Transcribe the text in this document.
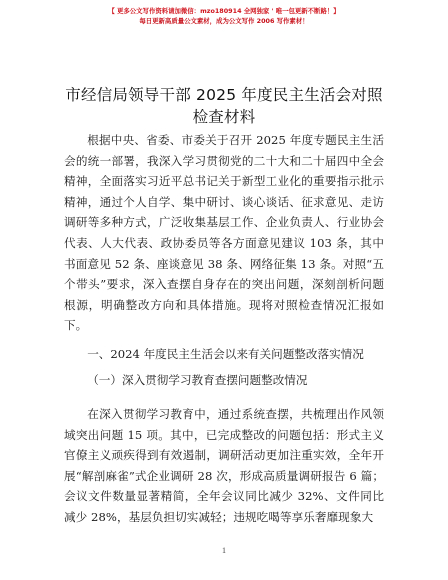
【 更多公文写作资料请加微信：mzo180914 全网独家 ' 唯一包更新不断路！】
每日更新高质量公文素材，成为公文写作 2006 写作素材！
市经信局领导干部 2025 年度民主生活会对照检查材料
根据中央、省委、市委关于召开 2025 年度专题民主生活会的统一部署，我深入学习贯彻党的二十大和二十届四中全会精神，全面落实习近平总书记关于新型工业化的重要指示批示精神，通过个人自学、集中研讨、谈心谈话、征求意见、走访调研等多种方式，广泛收集基层工作、企业负责人、行业协会代表、人大代表、政协委员等各方面意见建议 103 条，其中书面意见 52 条、座谈意见 38 条、网络征集 13 条。对照“五个带头”要求，深入查摆自身存在的突出问题，深刻剖析问题根源，明确整改方向和具体措施。现将对照检查情况汇报如下。
一、2024 年度民主生活会以来有关问题整改落实情况
（一）深入贯彻学习教育查摆问题整改情况
在深入贯彻学习教育中，通过系统查摆，共梳理出作风领域突出问题 15 项。其中，已完成整改的问题包括：形式主义官僚主义顽疾得到有效遏制，调研活动更加注重实效，全年开展“解剖麻雀”式企业调研 28 次，形成高质量调研报告 6 篇；会议文件数量显著精简，全年会议同比减少 32%、文件同比减少 28%，基层负担切实减轻；违规吃喝等享乐奢靡现象大
1
